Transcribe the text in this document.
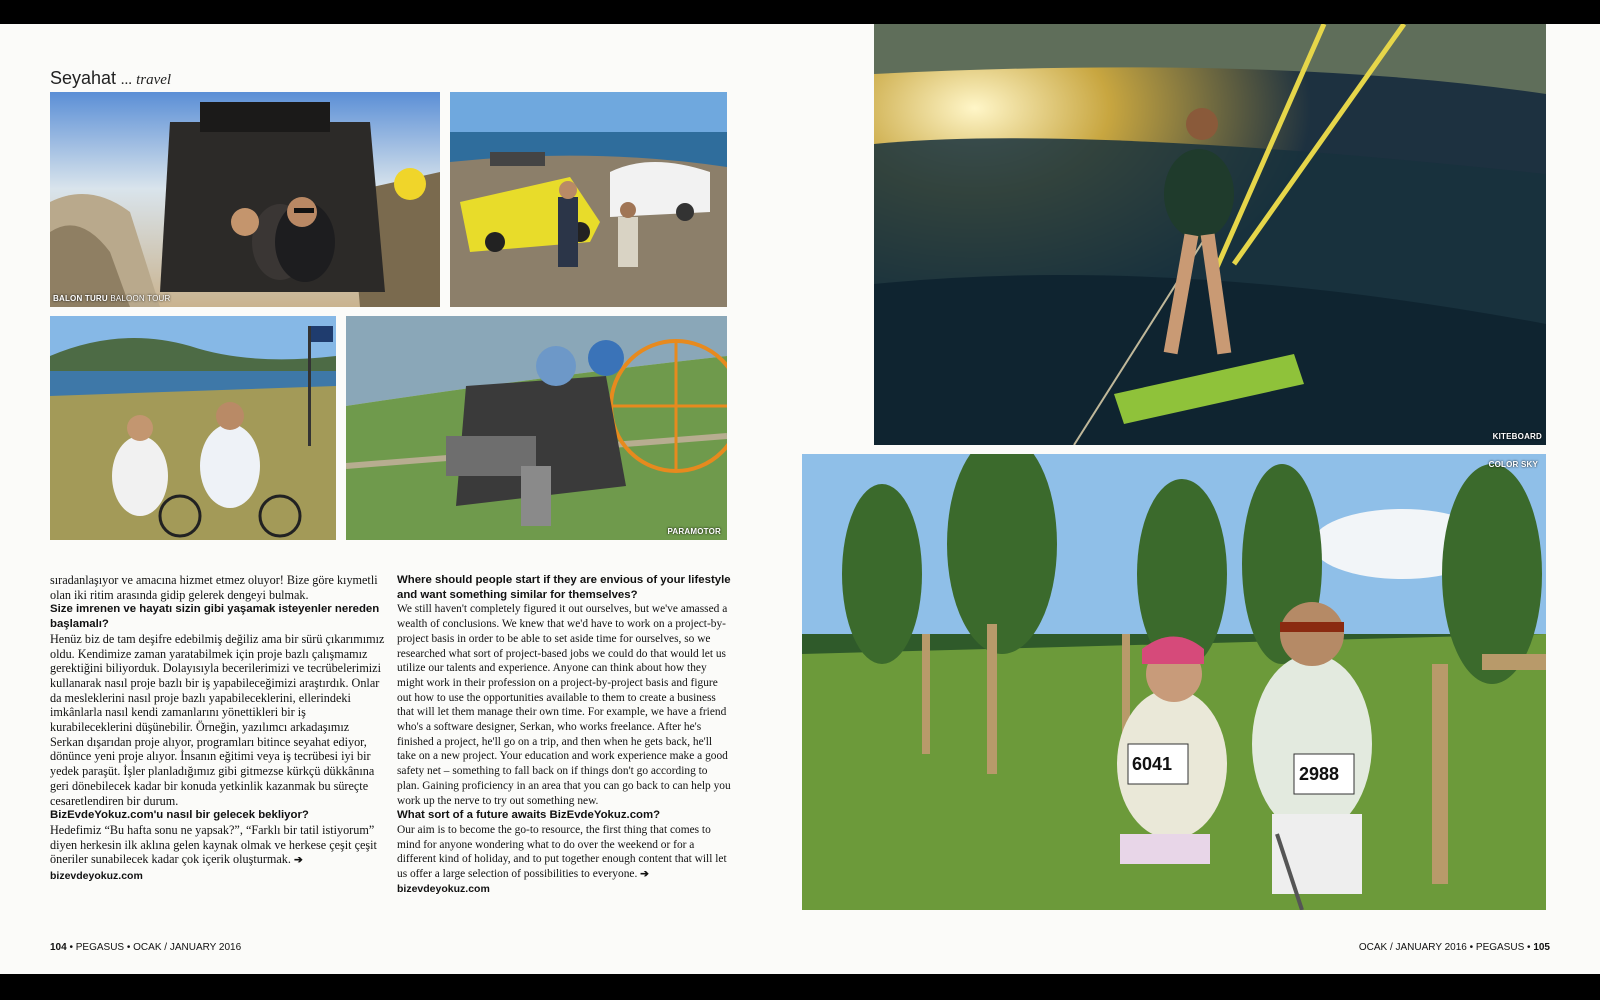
Seyahat ... travel
BALON TURU BALOON TOUR
PARAMOTOR

sıradanlaşıyor ve amacına hizmet etmez oluyor! Bize göre kıymetli olan iki ritim arasında gidip gelerek dengeyi bulmak.

Size imrenen ve hayatı sizin gibi yaşamak isteyenler nereden başlamalı?

Henüz biz de tam deşifre edebilmiş değiliz ama bir sürü çıkarımımız oldu. Kendimize zaman yaratabilmek için proje bazlı çalışmamız gerektiğini biliyorduk. Dolayısıyla becerilerimizi ve tecrübelerimizi kullanarak nasıl proje bazlı bir iş yapabileceğimizi araştırdık. Onlar da mesleklerini nasıl proje bazlı yapabileceklerini, ellerindeki imkânlarla nasıl kendi zamanlarını yönettikleri bir iş kurabileceklerini düşünebilir. Örneğin, yazılımcı arkadaşımız Serkan dışarıdan proje alıyor, programları bitince seyahat ediyor, dönünce yeni proje alıyor. İnsanın eğitimi veya iş tecrübesi iyi bir yedek paraşüt. İşler planladığımız gibi gitmezse kürkçü dükkânına geri dönebilecek kadar bir konuda yetkinlik kazanmak bu süreçte cesaretlendiren bir durum.

BizEvdeYokuz.com'u nasıl bir gelecek bekliyor?

Hedefimiz “Bu hafta sonu ne yapsak?”, “Farklı bir tatil istiyorum” diyen herkesin ilk aklına gelen kaynak olmak ve herkese çeşit çeşit öneriler sunabilecek kadar çok içerik oluşturmak. ➔ bizevdeyokuz.com

Where should people start if they are envious of your lifestyle and want something similar for themselves?

We still haven't completely figured it out ourselves, but we've amassed a wealth of conclusions. We knew that we'd have to work on a project-by-project basis in order to be able to set aside time for ourselves, so we researched what sort of project-based jobs we could do that would let us utilize our talents and experience. Anyone can think about how they might work in their profession on a project-by-project basis and figure out how to use the opportunities available to them to create a business that will let them manage their own time. For example, we have a friend who's a software designer, Serkan, who works freelance. After he's finished a project, he'll go on a trip, and then when he gets back, he'll take on a new project. Your education and work experience make a good safety net – something to fall back on if things don't go according to plan. Gaining proficiency in an area that you can go back to can help you work up the nerve to try out something new.

What sort of a future awaits BizEvdeYokuz.com?

Our aim is to become the go-to resource, the first thing that comes to mind for anyone wondering what to do over the weekend or for a different kind of holiday, and to put together enough content that will let us offer a large selection of possibilities to everyone. ➔ bizevdeyokuz.com

104 • PEGASUS • OCAK / JANUARY 2016
KITEBOARD
6041	2988
COLOR SKY
OCAK / JANUARY 2016 • PEGASUS • 105
